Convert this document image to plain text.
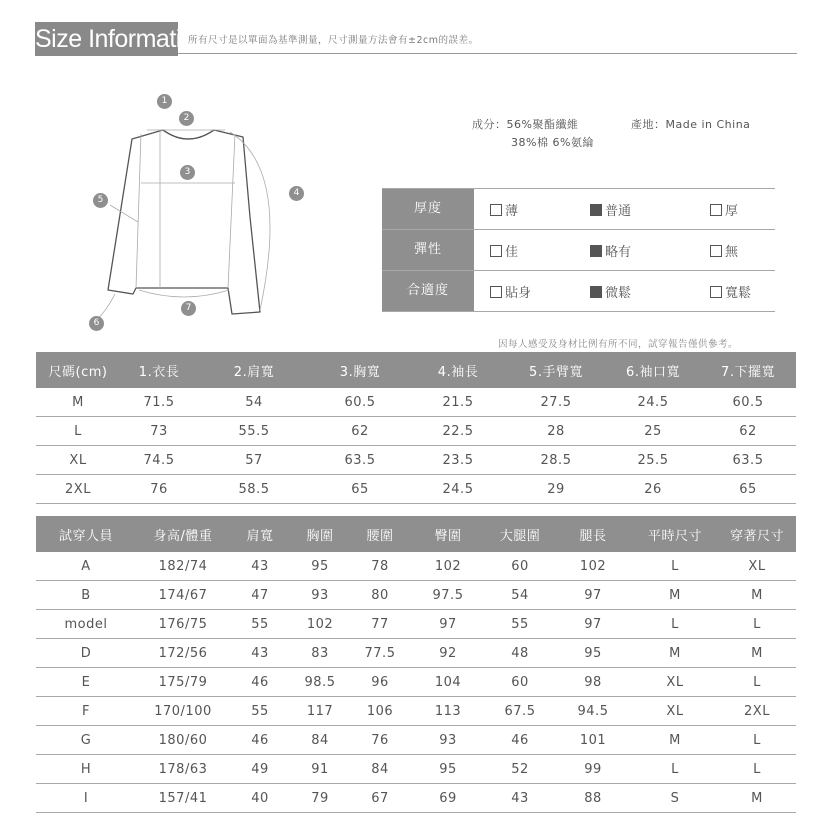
Size Information
所有尺寸是以單面為基準測量，尺寸測量方法會有±2cm的誤差。
1
2
3
4
5
6
7
成分：56%聚酯纖維
38%棉 6%氨綸
產地：Made in China
厚度	薄	普通	厚
彈性	佳	略有	無
合適度	貼身	微鬆	寬鬆
因每人感受及身材比例有所不同，試穿報告僅供參考。
尺碼(cm)	1.衣長	2.肩寬	3.胸寬	4.袖長	5.手臂寬	6.袖口寬	7.下擺寬
M	71.5	54	60.5	21.5	27.5	24.5	60.5
L	73	55.5	62	22.5	28	25	62
XL	74.5	57	63.5	23.5	28.5	25.5	63.5
2XL	76	58.5	65	24.5	29	26	65
試穿人員	身高/體重	肩寬	胸圍	腰圍	臀圍	大腿圍	腿長	平時尺寸	穿著尺寸
A	182/74	43	95	78	102	60	102	L	XL
B	174/67	47	93	80	97.5	54	97	M	M
model	176/75	55	102	77	97	55	97	L	L
D	172/56	43	83	77.5	92	48	95	M	M
E	175/79	46	98.5	96	104	60	98	XL	L
F	170/100	55	117	106	113	67.5	94.5	XL	2XL
G	180/60	46	84	76	93	46	101	M	L
H	178/63	49	91	84	95	52	99	L	L
I	157/41	40	79	67	69	43	88	S	M
